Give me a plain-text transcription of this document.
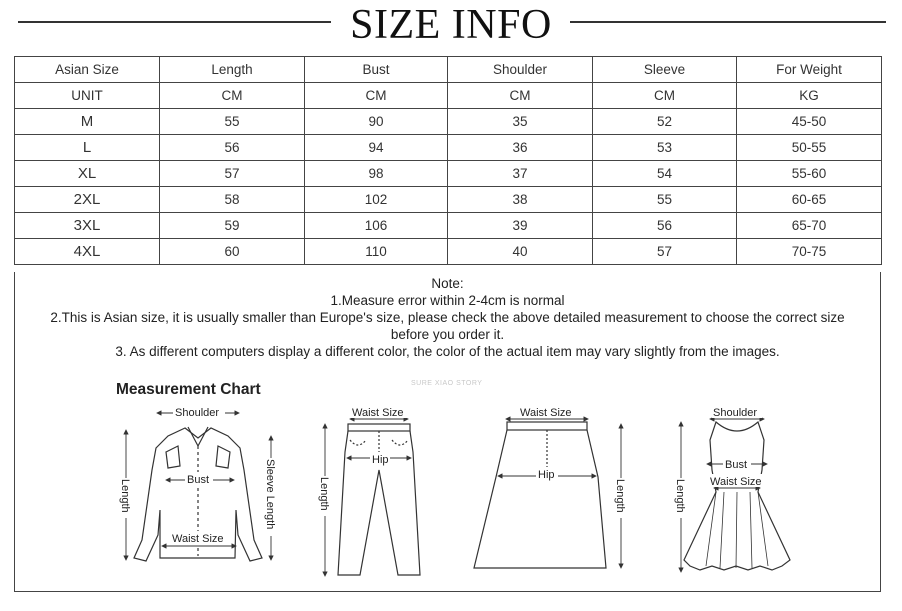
SIZE INFO
Asian Size	Length	Bust	Shoulder	Sleeve	For Weight
UNIT	CM	CM	CM	CM	KG
M	55	90	35	52	45-50
L	56	94	36	53	50-55
XL	57	98	37	54	55-60
2XL	58	102	38	55	60-65
3XL	59	106	39	56	65-70
4XL	60	110	40	57	70-75
Note:
1.Measure error within 2-4cm is normal
2.This is Asian size, it is usually smaller than Europe's size, please check the above detailed measurement to choose the correct size
before you order it.
3. As different computers display a different color, the color of the actual item may vary slightly from the images.
Measurement Chart	SURE XIAO STORY
Shoulder
Bust
Waist Size
Length	Sleeve Length
Waist Size
Hip
Length
Waist Size
Hip
Length
Shoulder
Bust
Waist Size
Length
